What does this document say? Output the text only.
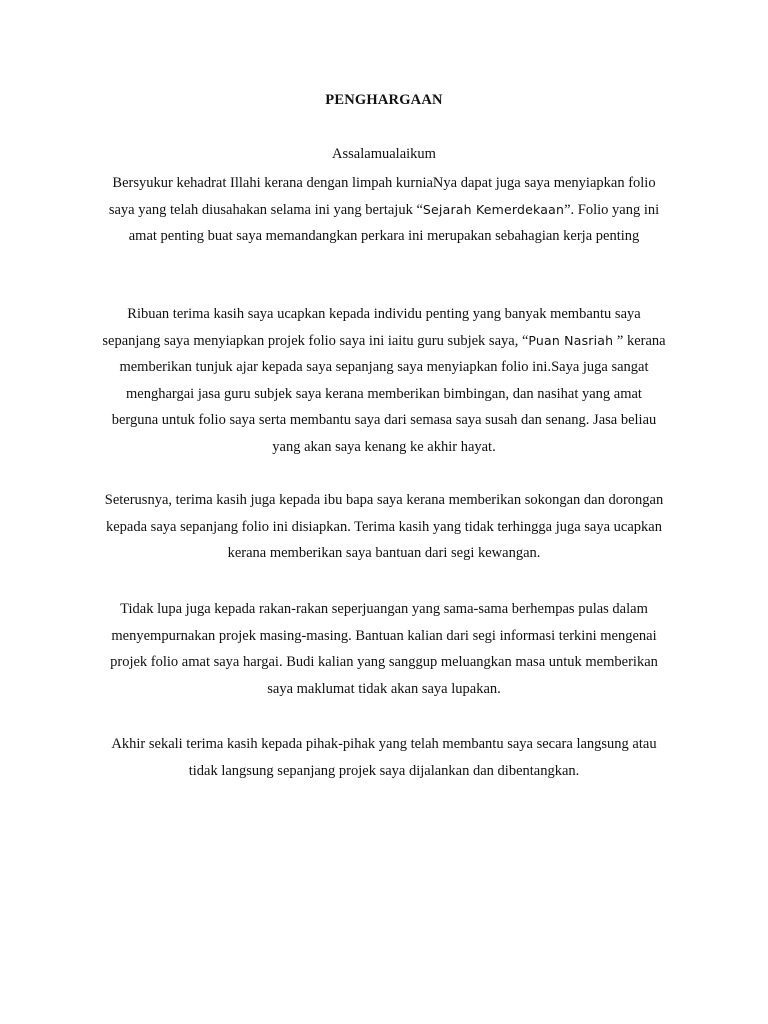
PENGHARGAAN
Assalamualaikum
Bersyukur kehadrat Illahi kerana dengan limpah kurniaNya dapat juga saya menyiapkan folio
saya yang telah diusahakan selama ini yang bertajuk “Sejarah Kemerdekaan”. Folio yang ini
amat penting buat saya memandangkan perkara ini merupakan sebahagian kerja penting
Ribuan terima kasih saya ucapkan kepada individu penting yang banyak membantu saya
sepanjang saya menyiapkan projek folio saya ini iaitu guru subjek saya, “Puan Nasriah ” kerana
memberikan tunjuk ajar kepada saya sepanjang saya menyiapkan folio ini.Saya juga sangat
menghargai jasa guru subjek saya kerana memberikan bimbingan, dan nasihat yang amat
berguna untuk folio saya serta membantu saya dari semasa saya susah dan senang. Jasa beliau
yang akan saya kenang ke akhir hayat.
Seterusnya, terima kasih juga kepada ibu bapa saya kerana memberikan sokongan dan dorongan
kepada saya sepanjang folio ini disiapkan. Terima kasih yang tidak terhingga juga saya ucapkan
kerana memberikan saya bantuan dari segi kewangan.
Tidak lupa juga kepada rakan-rakan seperjuangan yang sama-sama berhempas pulas dalam
menyempurnakan projek masing-masing. Bantuan kalian dari segi informasi terkini mengenai
projek folio amat saya hargai. Budi kalian yang sanggup meluangkan masa untuk memberikan
saya maklumat tidak akan saya lupakan.
Akhir sekali terima kasih kepada pihak-pihak yang telah membantu saya secara langsung atau
tidak langsung sepanjang projek saya dijalankan dan dibentangkan.
